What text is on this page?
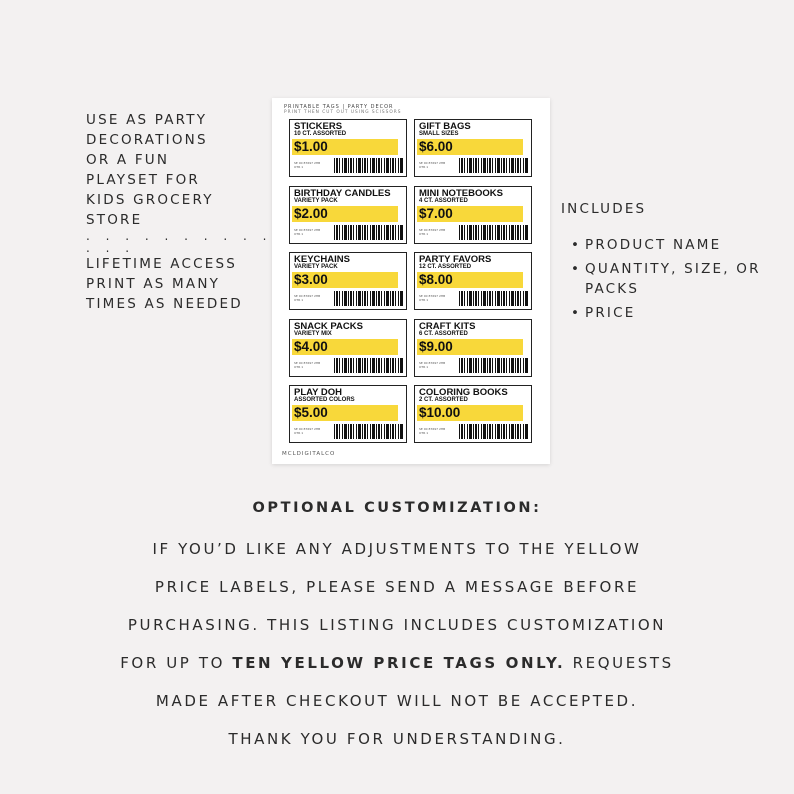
USE AS PARTY

DECORATIONS

OR A FUN

PLAYSET FOR

KIDS GROCERY

STORE

. . . . . . . . . . . . .

LIFETIME ACCESS

PRINT AS MANY

TIMES AS NEEDED

PRINTABLE TAGS | PARTY DECOR
PRINT THEN CUT OUT USING SCISSORS
STICKERS
10 CT. ASSORTED
$1.00
SE 00 87697 2HB OTR 1
GIFT BAGS
SMALL SIZES
$6.00
SE 00 87697 2HB OTR 1
BIRTHDAY CANDLES
VARIETY PACK
$2.00
SE 00 87697 2HB OTR 1
MINI NOTEBOOKS
4 CT. ASSORTED
$7.00
SE 00 87697 2HB OTR 1
KEYCHAINS
VARIETY PACK
$3.00
SE 00 87697 2HB OTR 1
PARTY FAVORS
12 CT. ASSORTED
$8.00
SE 00 87697 2HB OTR 1
SNACK PACKS
VARIETY MIX
$4.00
SE 00 87697 2HB OTR 1
CRAFT KITS
6 CT. ASSORTED
$9.00
SE 00 87697 2HB OTR 1
PLAY DOH
ASSORTED COLORS
$5.00
SE 00 87697 2HB OTR 1
COLORING BOOKS
2 CT. ASSORTED
$10.00
SE 00 87697 2HB OTR 1
MCLDIGITALCO

INCLUDES

• PRODUCT NAME
• QUANTITY, SIZE, OR PACKS
• PRICE

OPTIONAL CUSTOMIZATION:

IF YOU’D LIKE ANY ADJUSTMENTS TO THE YELLOW

PRICE LABELS, PLEASE SEND A MESSAGE BEFORE

PURCHASING. THIS LISTING INCLUDES CUSTOMIZATION

FOR UP TO TEN YELLOW PRICE TAGS ONLY. REQUESTS

MADE AFTER CHECKOUT WILL NOT BE ACCEPTED.

THANK YOU FOR UNDERSTANDING.
